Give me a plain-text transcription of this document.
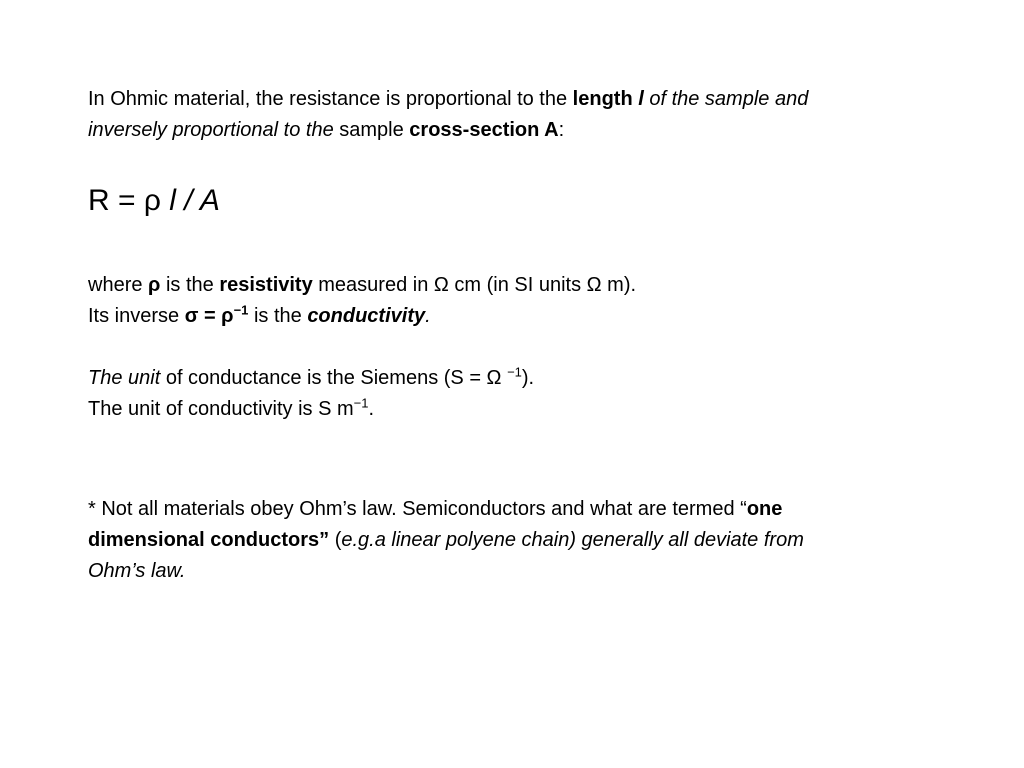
In Ohmic material, the resistance is proportional to the length l of the sample and
inversely proportional to the sample cross-section A:
R = ρ l / A
where ρ is the resistivity measured in Ω cm (in SI units Ω m).
Its inverse $\sigma = \rho^{-1}$ is the conductivity.
The unit of conductance is the Siemens (S = Ω $^{-1}$).
The unit of conductivity is S $m^{-1}$.
* Not all materials obey Ohm’s law. Semiconductors and what are termed “one
dimensional conductors” (e.g.a linear polyene chain) generally all deviate from
Ohm’s law.
